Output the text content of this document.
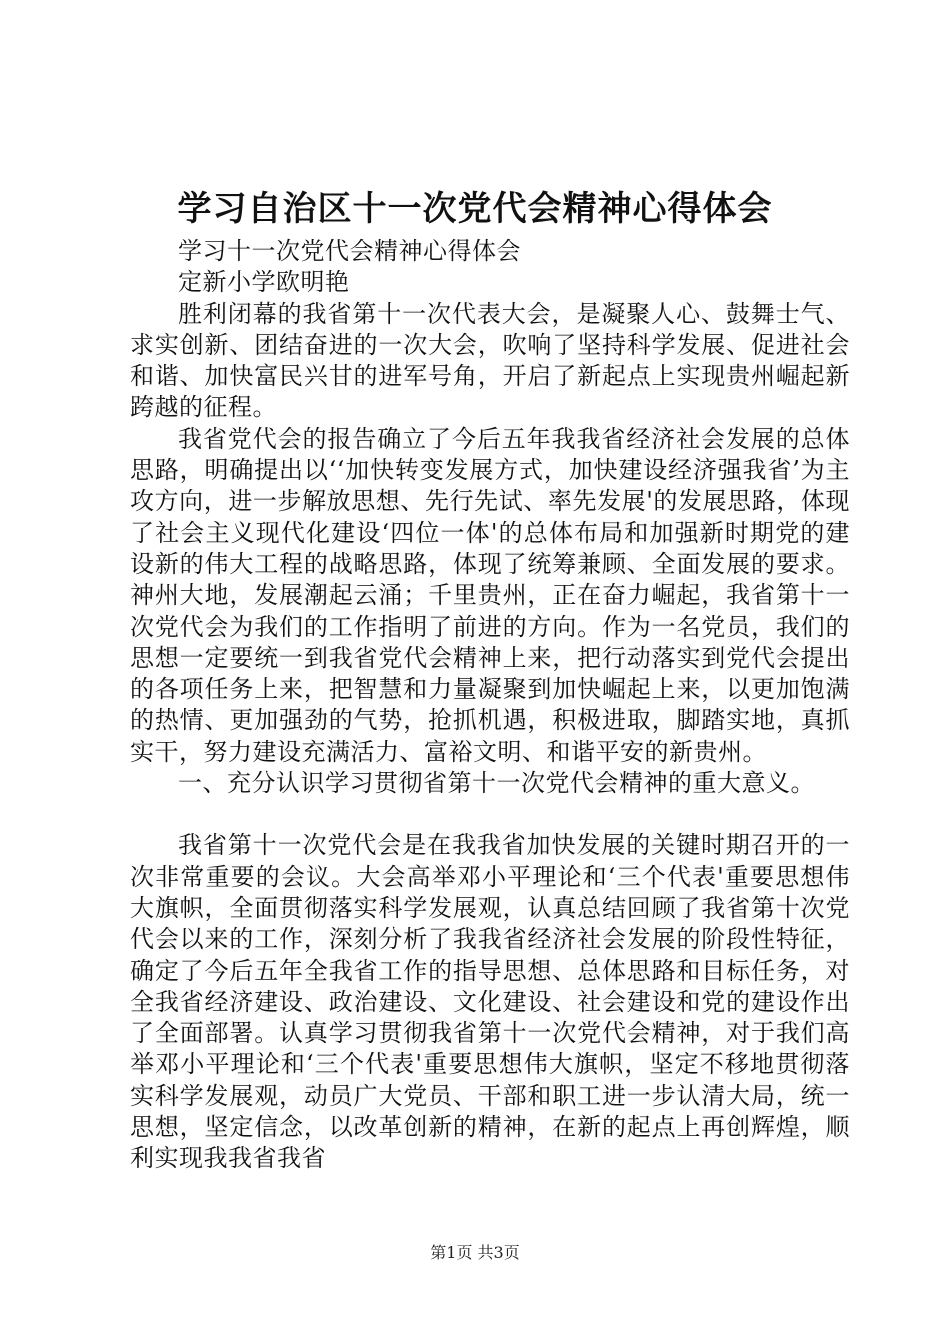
学习自治区十一次党代会精神心得体会

学习十一次党代会精神心得体会

定新小学欧明艳

胜利闭幕的我省第十一次代表大会，是凝聚人心、鼓舞士气、求实创新、团结奋进的一次大会，吹响了坚持科学发展、促进社会和谐、加快富民兴甘的进军号角，开启了新起点上实现贵州崛起新跨越的征程。

我省党代会的报告确立了今后五年我我省经济社会发展的总体思路，明确提出以‘‘加快转变发展方式，加快建设经济强我省’为主攻方向，进一步解放思想、先行先试、率先发展'的发展思路，体现了社会主义现代化建设‘四位一体'的总体布局和加强新时期党的建设新的伟大工程的战略思路，体现了统筹兼顾、全面发展的要求。神州大地，发展潮起云涌；千里贵州，正在奋力崛起，我省第十一次党代会为我们的工作指明了前进的方向。作为一名党员，我们的思想一定要统一到我省党代会精神上来，把行动落实到党代会提出的各项任务上来，把智慧和力量凝聚到加快崛起上来，以更加饱满的热情、更加强劲的气势，抢抓机遇，积极进取，脚踏实地，真抓实干，努力建设充满活力、富裕文明、和谐平安的新贵州。

一、充分认识学习贯彻省第十一次党代会精神的重大意义。

我省第十一次党代会是在我我省加快发展的关键时期召开的一次非常重要的会议。大会高举邓小平理论和‘三个代表'重要思想伟大旗帜，全面贯彻落实科学发展观，认真总结回顾了我省第十次党代会以来的工作，深刻分析了我我省经济社会发展的阶段性特征，确定了今后五年全我省工作的指导思想、总体思路和目标任务，对全我省经济建设、政治建设、文化建设、社会建设和党的建设作出了全面部署。认真学习贯彻我省第十一次党代会精神，对于我们高举邓小平理论和‘三个代表'重要思想伟大旗帜，坚定不移地贯彻落实科学发展观，动员广大党员、干部和职工进一步认清大局，统一思想，坚定信念，以改革创新的精神，在新的起点上再创辉煌，顺利实现我我省我省

第1页 共3页
